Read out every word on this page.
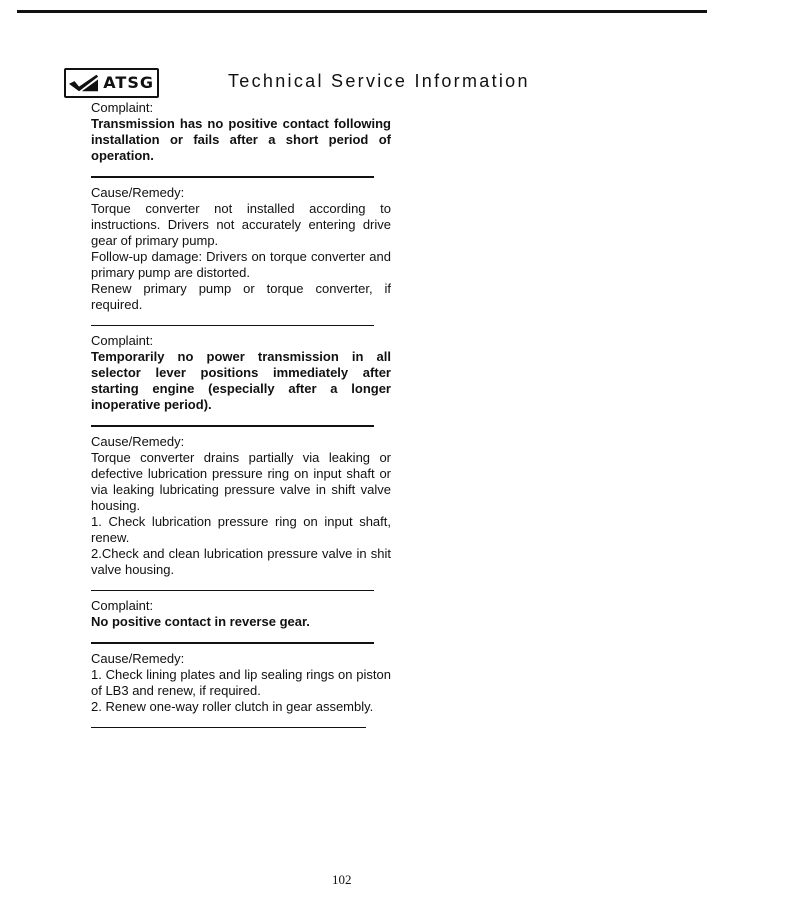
ATSG	Technical Service Information
Complaint:
Transmission has no positive contact following installation or fails after a short period of operation.
Cause/Remedy:
Torque converter not installed according to instructions. Drivers not accurately entering drive gear of primary pump.
Follow-up damage: Drivers on torque converter and primary pump are distorted.
Renew primary pump or torque converter, if required.
Complaint:
Temporarily no power transmission in all selector lever positions immediately after starting engine (especially after a longer inoperative period).
Cause/Remedy:
Torque converter drains partially via leaking or defective lubrication pressure ring on input shaft or via leaking lubricating pressure valve in shift valve housing.
1. Check lubrication pressure ring on input shaft, renew.
2.Check and clean lubrication pressure valve in shit valve housing.
Complaint:
No positive contact in reverse gear.
Cause/Remedy:
1. Check lining plates and lip sealing rings on piston of LB3 and renew, if required.
2. Renew one-way roller clutch in gear assembly.
102
